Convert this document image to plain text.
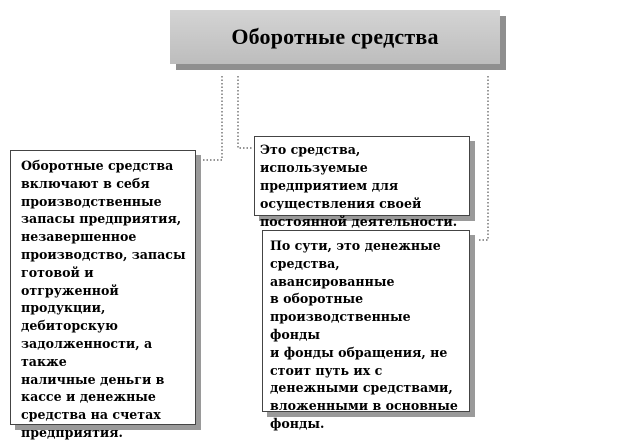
Оборотные средства
Оборотные средства
включают в себя
производственные
запасы предприятия,
незавершенное
производство, запасы
готовой и отгруженной
продукции,
дебиторскую
задолженности, а также
наличные деньги в
кассе и денежные
средства на счетах
предприятия.
Это средства, используемые
предприятием для
осуществления своей
постоянной деятельности.
По сути, это денежные
средства, авансированные
в оборотные
производственные фонды
и фонды обращения, не
стоит путь их с
денежными средствами,
вложенными в основные
фонды.
